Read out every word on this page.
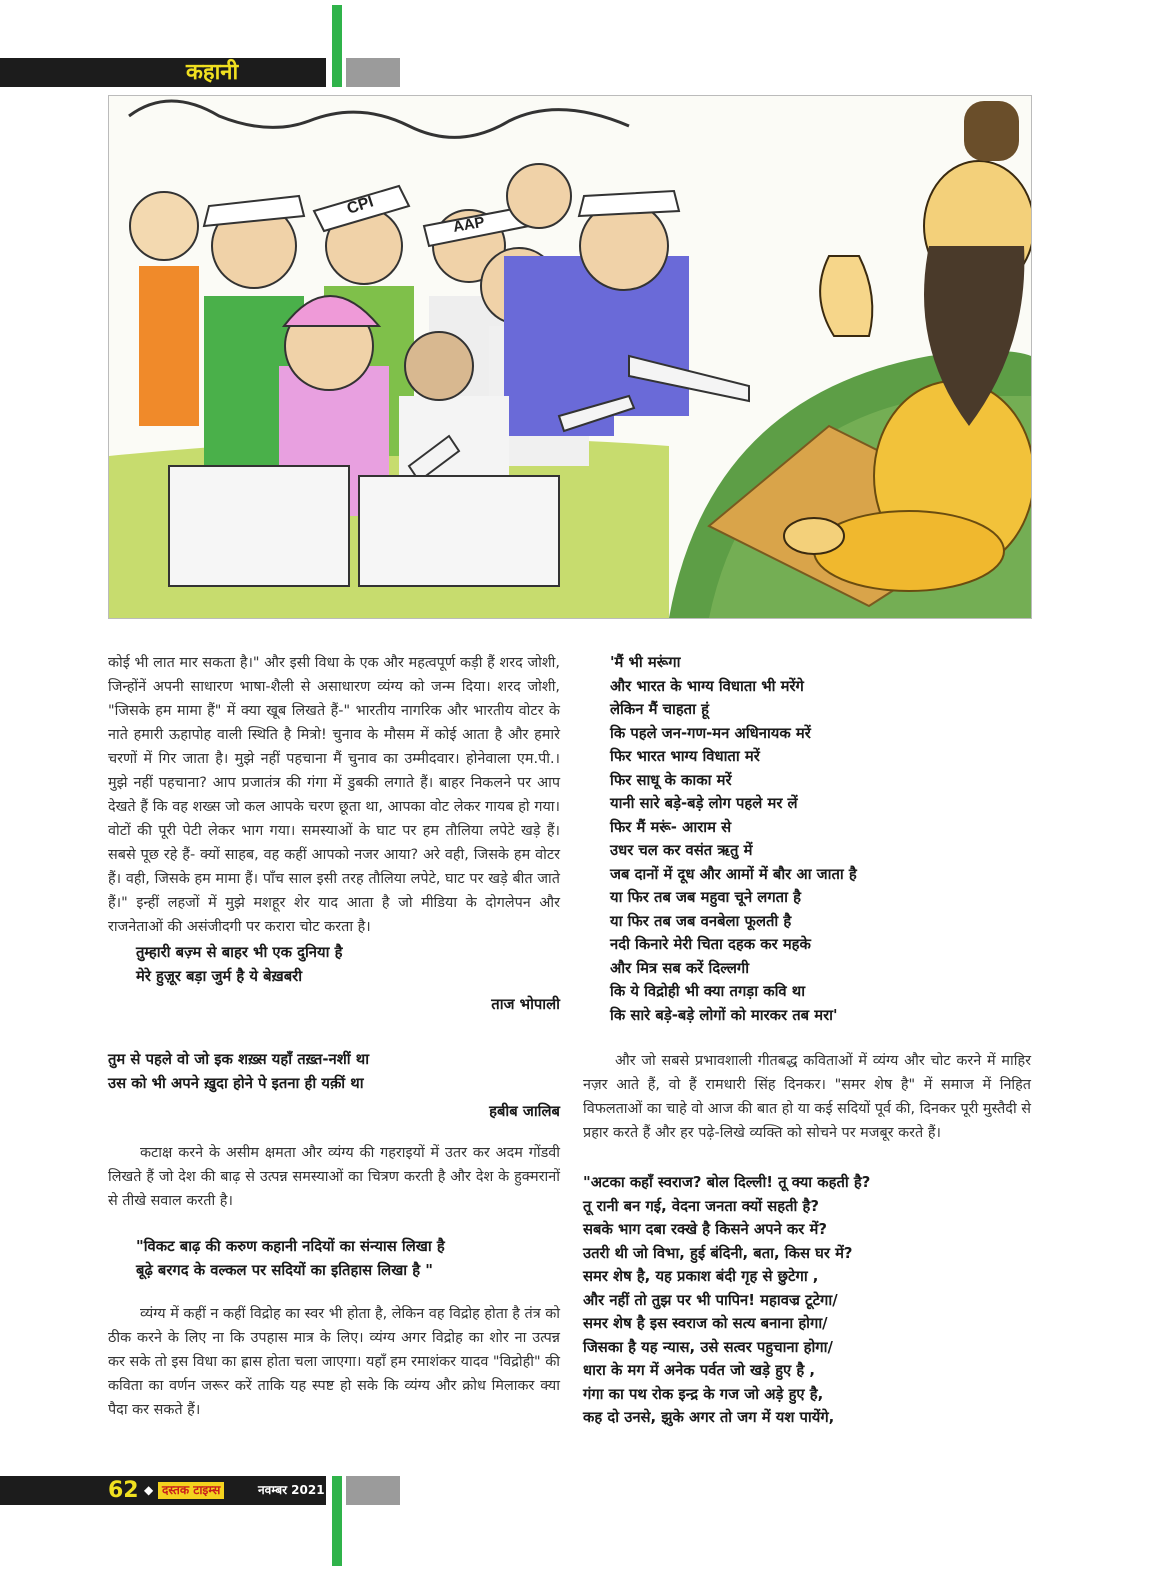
कहानी
CPI
AAP

कोई भी लात मार सकता है।" और इसी विधा के एक और महत्वपूर्ण कड़ी हैं शरद जोशी, जिन्होंनें अपनी साधारण भाषा-शैली से असाधारण व्यंग्य को जन्म दिया। शरद जोशी, "जिसके हम मामा हैं" में क्या खूब लिखते हैं-" भारतीय नागरिक और भारतीय वोटर के नाते हमारी ऊहापोह वाली स्थिति है मित्रो! चुनाव के मौसम में कोई आता है और हमारे चरणों में गिर जाता है। मुझे नहीं पहचाना मैं चुनाव का उम्मीदवार। होनेवाला एम.पी.। मुझे नहीं पहचाना? आप प्रजातंत्र की गंगा में डुबकी लगाते हैं। बाहर निकलने पर आप देखते हैं कि वह शख्स जो कल आपके चरण छूता था, आपका वोट लेकर गायब हो गया। वोटों की पूरी पेटी लेकर भाग गया। समस्याओं के घाट पर हम तौलिया लपेटे खड़े हैं। सबसे पूछ रहे हैं- क्यों साहब, वह कहीं आपको नजर आया? अरे वही, जिसके हम वोटर हैं। वही, जिसके हम मामा हैं। पाँच साल इसी तरह तौलिया लपेटे, घाट पर खड़े बीत जाते हैं।" इन्हीं लहजों में मुझे मशहूर शेर याद आता है जो मीडिया के दोगलेपन और राजनेताओं की असंजीदगी पर करारा चोट करता है।

तुम्हारी बज़्म से बाहर भी एक दुनिया है
मेरे हुज़ूर बड़ा जुर्म है ये बेख़बरी
ताज भोपाली
तुम से पहले वो जो इक शख़्स यहाँ तख़्त-नशीं था
उस को भी अपने ख़ुदा होने पे इतना ही यक़ीं था
हबीब जालिब

कटाक्ष करने के असीम क्षमता और व्यंग्य की गहराइयों में उतर कर अदम गोंडवी लिखते हैं जो देश की बाढ़ से उत्पन्न समस्याओं का चित्रण करती है और देश के हुक्मरानों से तीखे सवाल करती है।

"विकट बाढ़ की करुण कहानी नदियों का संन्यास लिखा है
बूढ़े बरगद के वल्कल पर सदियों का इतिहास लिखा है "

व्यंग्य में कहीं न कहीं विद्रोह का स्वर भी होता है, लेकिन वह विद्रोह होता है तंत्र को ठीक करने के लिए ना कि उपहास मात्र के लिए। व्यंग्य अगर विद्रोह का शोर ना उत्पन्न कर सके तो इस विधा का ह्रास होता चला जाएगा। यहाँ हम रमाशंकर यादव "विद्रोही" की कविता का वर्णन जरूर करें ताकि यह स्पष्ट हो सके कि व्यंग्य और क्रोध मिलाकर क्या पैदा कर सकते हैं।

'मैं भी मरूंगा
और भारत के भाग्य विधाता भी मरेंगे
लेकिन मैं चाहता हूं
कि पहले जन-गण-मन अधिनायक मरें
फिर भारत भाग्य विधाता मरें
फिर साधू के काका मरें
यानी सारे बड़े-बड़े लोग पहले मर लें
फिर मैं मरूं- आराम से
उधर चल कर वसंत ऋतु में
जब दानों में दूध और आमों में बौर आ जाता है
या फिर तब जब महुवा चूने लगता है
या फिर तब जब वनबेला फूलती है
नदी किनारे मेरी चिता दहक कर महके
और मित्र सब करें दिल्लगी
कि ये विद्रोही भी क्या तगड़ा कवि था
कि सारे बड़े-बड़े लोगों को मारकर तब मरा'

और जो सबसे प्रभावशाली गीतबद्ध कविताओं में व्यंग्य और चोट करने में माहिर नज़र आते हैं, वो हैं रामधारी सिंह दिनकर। "समर शेष है" में समाज में निहित विफलताओं का चाहे वो आज की बात हो या कई सदियों पूर्व की, दिनकर पूरी मुस्तैदी से प्रहार करते हैं और हर पढ़े-लिखे व्यक्ति को सोचने पर मजबूर करते हैं।

"अटका कहाँ स्वराज? बोल दिल्ली! तू क्या कहती है?
तू रानी बन गई, वेदना जनता क्यों सहती है?
सबके भाग दबा रक्खे है किसने अपने कर में?
उतरी थी जो विभा, हुई बंदिनी, बता, किस घर में?
समर शेष है, यह प्रकाश बंदी गृह से छुटेगा ,
और नहीं तो तुझ पर भी पापिन! महावज्र टूटेगा/
समर शेष है इस स्वराज को सत्य बनाना होगा/
जिसका है यह न्यास, उसे सत्वर पहुचाना होगा/
धारा के मग में अनेक पर्वत जो खड़े हुए है ,
गंगा का पथ रोक इन्द्र के गज जो अड़े हुए है,
कह दो उनसे, झुके अगर तो जग में यश पायेंगे,
62 ◆ दस्तक टाइम्स	नवम्बर 2021
